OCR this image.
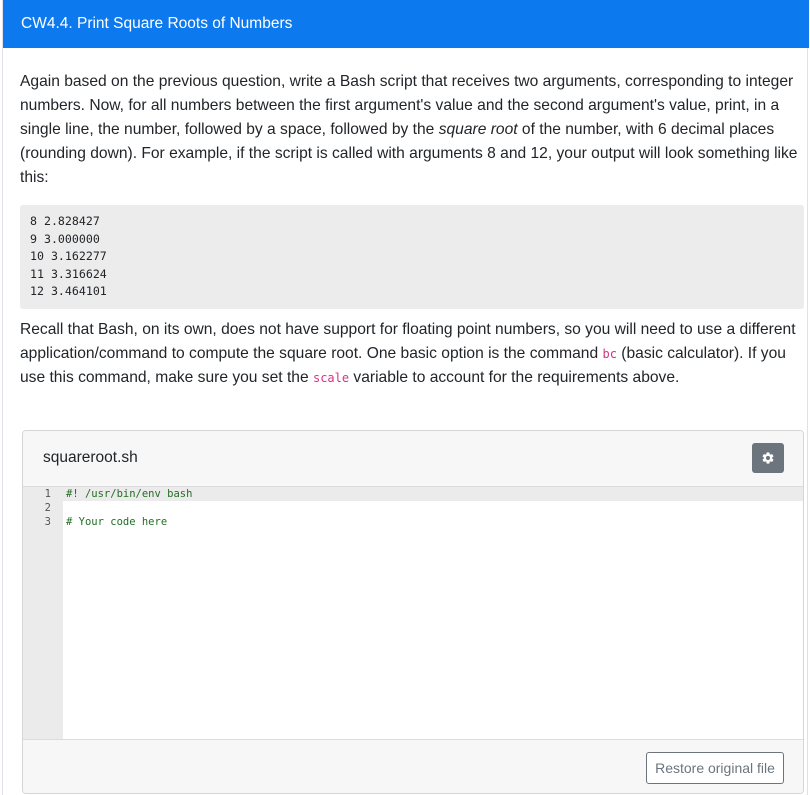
CW4.4. Print Square Roots of Numbers

Again based on the previous question, write a Bash script that receives two arguments, corresponding to integer numbers. Now, for all numbers between the first argument's value and the second argument's value, print, in a single line, the number, followed by a space, followed by the square root of the number, with 6 decimal places (rounding down). For example, if the script is called with arguments 8 and 12, your output will look something like this:

8 2.828427
9 3.000000
10 3.162277
11 3.316624
12 3.464101

Recall that Bash, on its own, does not have support for floating point numbers, so you will need to use a different application/command to compute the square root. One basic option is the command bc (basic calculator). If you use this command, make sure you set the scale variable to account for the requirements above.

squareroot.sh
1 #! /usr/bin/env bash
2
3 # Your code here
Restore original file
